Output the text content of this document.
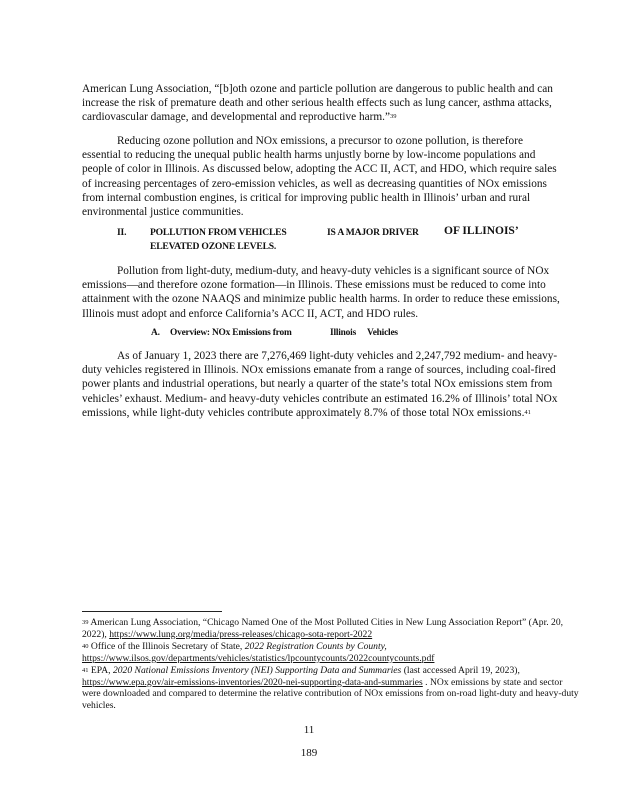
American Lung Association, “[b]oth ozone and particle pollution are dangerous to public health and can increase the risk of premature death and other serious health effects such as lung cancer, asthma attacks, cardiovascular damage, and developmental and reproductive harm.”$^{39}$

Reducing ozone pollution and NOx emissions, a precursor to ozone pollution, is therefore essential to reducing the unequal public health harms unjustly borne by low-income populations and people of color in Illinois. As discussed below, adopting the ACC II, ACT, and HDO, which require sales of increasing percentages of zero-emission vehicles, as well as decreasing quantities of NOx emissions from internal combustion engines, is critical for improving public health in Illinois’ urban and rural environmental justice communities.

II. POLLUTION FROM VEHICLES	IS A MAJOR DRIVER OF ILLINOIS’
ELEVATED OZONE LEVELS.

Pollution from light-duty, medium-duty, and heavy-duty vehicles is a significant source of NOx emissions—and therefore ozone formation—in Illinois. These emissions must be reduced to come into attainment with the ozone NAAQS and minimize public health harms. In order to reduce these emissions, Illinois must adopt and enforce California’s ACC II, ACT, and HDO rules.

A. Overview: NOx Emissions from	Illinois Vehicles

As of January 1, 2023 there are 7,276,469 light-duty vehicles and 2,247,792 medium- and heavy-duty vehicles registered in Illinois. NOx emissions emanate from a range of sources, including coal-fired power plants and industrial operations, but nearly a quarter of the state’s total NOx emissions stem from vehicles’ exhaust. Medium- and heavy-duty vehicles contribute an estimated 16.2% of Illinois’ total NOx emissions, while light-duty vehicles contribute approximately 8.7% of those total NOx emissions.$^{41}$

$^{39}$ American Lung Association, “Chicago Named One of the Most Polluted Cities in New Lung Association Report” (Apr. 20, 2022), https://www.lung.org/media/press-releases/chicago-sota-report-2022

$^{40}$ Office of the Illinois Secretary of State, 2022 Registration Counts by County,
https://www.ilsos.gov/departments/vehicles/statistics/lpcountycounts/2022countycounts.pdf

$^{41}$ EPA, 2020 National Emissions Inventory (NEI) Supporting Data and Summaries (last accessed April 19, 2023), https://www.epa.gov/air-emissions-inventories/2020-nei-supporting-data-and-summaries . NOx emissions by state and sector were downloaded and compared to determine the relative contribution of NOx emissions from on-road light-duty and heavy-duty vehicles.

11
189
